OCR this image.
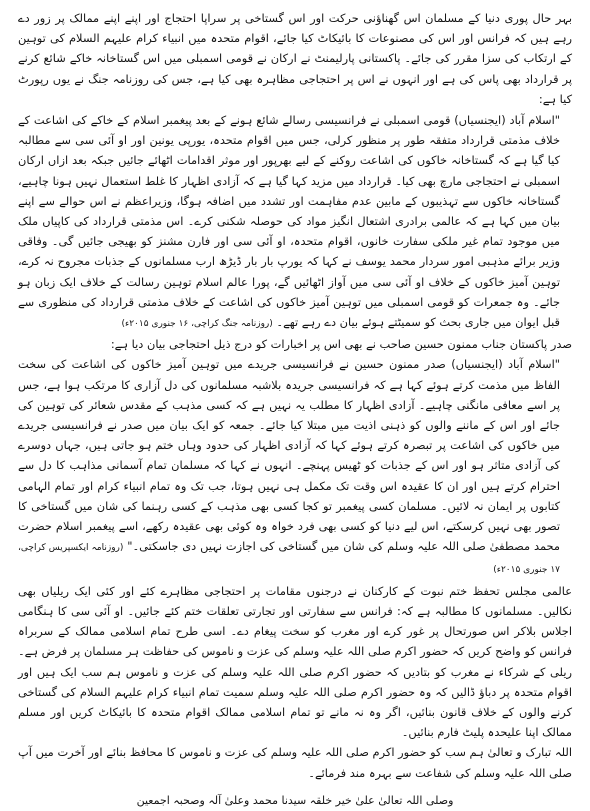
بہر حال پوری دنیا کے مسلمان اس گھناؤنی حرکت اور اس گستاخی پر سراپا احتجاج اور اپنے اپنے ممالک پر زور دے رہے ہیں کہ فرانس اور اس کی مصنوعات کا بائیکاٹ کیا جائے، اقوام متحدہ میں انبیاء کرام علیہم السلام کی توہین کے ارتکاب کی سزا مقرر کی جائے۔ پاکستانی پارلیمنٹ نے ارکان نے قومی اسمبلی میں اس گستاخانہ خاکے شائع کرنے پر قرارداد بھی پاس کی ہے اور انہوں نے اس پر احتجاجی مظاہرہ بھی کیا ہے، جس کی روزنامہ جنگ نے یوں رپورٹ کیا ہے:

"اسلام آباد (ایجنسیاں) قومی اسمبلی نے فرانسیسی رسالے شائع ہونے کے بعد پیغمبر اسلام کے خاکے کی اشاعت کے خلاف مذمتی قرارداد متفقہ طور پر منظور کرلی، جس میں اقوام متحدہ، یورپی یونین اور او آئی سی سے مطالبہ کیا گیا ہے کہ گستاخانہ خاکوں کی اشاعت روکنے کے لیے بھرپور اور موثر اقدامات اٹھائے جائیں جبکہ بعد ازاں ارکان اسمبلی نے احتجاجی مارچ بھی کیا۔ قرارداد میں مزید کہا گیا ہے کہ آزادی اظہار کا غلط استعمال نہیں ہونا چاہیے، گستاخانہ خاکوں سے تہذیبوں کے مابین عدم مفاہمت اور تشدد میں اضافہ ہوگا، وزیراعظم نے اس حوالے سے اپنے بیان میں کہا ہے کہ عالمی برادری اشتعال انگیز مواد کی حوصلہ شکنی کرے۔ اس مذمتی قرارداد کی کاپیاں ملک میں موجود تمام غیر ملکی سفارت خانوں، اقوام متحدہ، او آئی سی اور فارن مشنز کو بھیجی جائیں گی۔ وفاقی وزیر برائے مذہبی امور سردار محمد یوسف نے کہا کہ یورپ بار بار ڈیڑھ ارب مسلمانوں کے جذبات مجروح نہ کرے، توہین آمیز خاکوں کے خلاف او آئی سی میں آواز اٹھائیں گے، پورا عالم اسلام توہین رسالت کے خلاف ایک زبان ہو جائے۔ وہ جمعرات کو قومی اسمبلی میں توہین آمیز خاکوں کی اشاعت کے خلاف مذمتی قرارداد کی منظوری سے قبل ایوان میں جاری بحث کو سمیٹتے ہوئے بیان دے رہے تھے۔ (روزنامہ جنگ کراچی، ۱۶ جنوری ۲۰۱۵ء)

صدر پاکستان جناب ممنون حسین صاحب نے بھی اس پر اخبارات کو درج ذیل احتجاجی بیان دیا ہے:

"اسلام آباد (ایجنسیاں) صدر ممنون حسین نے فرانسیسی جریدے میں توہین آمیز خاکوں کی اشاعت کی سخت الفاظ میں مذمت کرتے ہوئے کہا ہے کہ فرانسیسی جریدہ بلاشبہ مسلمانوں کی دل آزاری کا مرتکب ہوا ہے، جس پر اسے معافی مانگنی چاہیے۔ آزادی اظہار کا مطلب یہ نہیں ہے کہ کسی مذہب کے مقدس شعائر کی توہین کی جائے اور اس کے ماننے والوں کو ذہنی اذیت میں مبتلا کیا جائے۔ جمعہ کو ایک بیان میں صدر نے فرانسیسی جریدے میں خاکوں کی اشاعت پر تبصرہ کرتے ہوئے کہا کہ آزادی اظہار کی حدود وہاں ختم ہو جاتی ہیں، جہاں دوسرے کی آزادی متاثر ہو اور اس کے جذبات کو ٹھیس پہنچے۔ انہوں نے کہا کہ مسلمان تمام آسمانی مذاہب کا دل سے احترام کرتے ہیں اور ان کا عقیدہ اس وقت تک مکمل ہی نہیں ہوتا، جب تک وہ تمام انبیاء کرام اور تمام الہامی کتابوں پر ایمان نہ لائیں۔ مسلمان کسی پیغمبر تو کجا کسی بھی مذہب کے کسی رہنما کی شان میں گستاخی کا تصور بھی نہیں کرسکتے، اس لیے دنیا کو کسی بھی فرد خواہ وہ کوئی بھی عقیدہ رکھے، اسے پیغمبر اسلام حضرت محمد مصطفیٰ صلی اللہ علیہ وسلم کی شان میں گستاخی کی اجازت نہیں دی جاسکتی۔" (روزنامہ ایکسپریس کراچی، ۱۷ جنوری ۲۰۱۵ء)

عالمی مجلس تحفظ ختم نبوت کے کارکنان نے درجنوں مقامات پر احتجاجی مظاہرے کئے اور کئی ایک ریلیاں بھی نکالیں۔ مسلمانوں کا مطالبہ ہے کہ: فرانس سے سفارتی اور تجارتی تعلقات ختم کئے جائیں۔ او آئی سی کا ہنگامی اجلاس بلاکر اس صورتحال پر غور کرے اور مغرب کو سخت پیغام دے۔ اسی طرح تمام اسلامی ممالک کے سربراہ فرانس کو واضح کریں کہ حضور اکرم صلی اللہ علیہ وسلم کی عزت و ناموس کی حفاظت ہر مسلمان پر فرض ہے۔ ریلی کے شرکاء نے مغرب کو بتادیں کہ حضور اکرم صلی اللہ علیہ وسلم کی عزت و ناموس ہم سب ایک ہیں اور اقوام متحدہ پر دباؤ ڈالیں کہ وہ حضور اکرم صلی اللہ علیہ وسلم سمیت تمام انبیاء کرام علیہم السلام کی گستاخی کرنے والوں کے خلاف قانون بنائیں، اگر وہ نہ مانے تو تمام اسلامی ممالک اقوام متحدہ کا بائیکاٹ کریں اور مسلم ممالک اپنا علیحدہ پلیٹ فارم بنائیں۔

اللہ تبارک و تعالیٰ ہم سب کو حضور اکرم صلی اللہ علیہ وسلم کی عزت و ناموس کا محافظ بنائے اور آخرت میں آپ صلی اللہ علیہ وسلم کی شفاعت سے بہرہ مند فرمائے۔

وصلی اللہ تعالیٰ علیٰ خیر خلقہ سیدنا محمد وعلیٰ آلہ وصحبہ اجمعین
